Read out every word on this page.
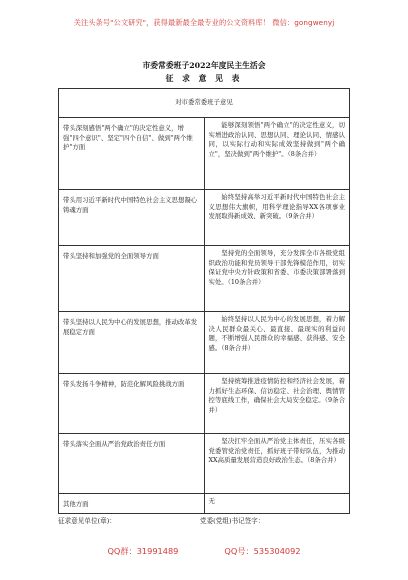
关注头条号"公文研究"，获得最新最全最专业的公文资料库！ 微信：gongwenyj
市委常委班子2022年度民主生活会
征 求 意 见 表
对市委常委班子意见	
带头深刻感悟"两个确立"的决定性意义，增强"四个意识"、坚定"四个自信"、做到"两个维护"方面	能够深刻领悟"两个确立"的决定性意义，切实增进政治认同、思想认同、理论认同、情感认同，以实际行动和实际成效坚持做到"两个确立"，坚决做到"两个维护"。（8条合并）
带头用习近平新时代中国特色社会主义思想凝心铸魂方面	始终坚持高举习近平新时代中国特色社会主义思想伟大旗帜，用科学理论指导XX各项事业发展取得新成效、新突破。（9条合并）
带头坚持和加强党的全面领导方面	坚持党的全面领导，充分发挥全市各级党组织政治功能和党员领导干部先锋模范作用，切实保证党中央方针政策和省委、市委决策部署落到实处。（10条合并）
带头坚持以人民为中心的发展思想，推动改革发展稳定方面	始终坚持以人民为中心的发展思想，着力解决人民群众最关心、最直接、最现实的利益问题，不断增强人民群众的幸福感、获得感、安全感。（8条合并）
带头发扬斗争精神，防范化解风险挑战方面	坚持统筹推进疫情防控和经济社会发展，着力抓好生态环保、信访稳定、社会治理、舆情管控等底线工作，确保社会大局安全稳定。（9条合并）
带头落实全面从严治党政治责任方面	坚决扛牢全面从严治党主体责任，压实各级党委管党治党责任，抓好班子带好队伍，为推动XX高质量发展营造良好政治生态。（8条合并）
其他方面	无
征求意见单位(章)：	党委(党组)书记签字：
QQ群：31991489	QQ号：535304092
